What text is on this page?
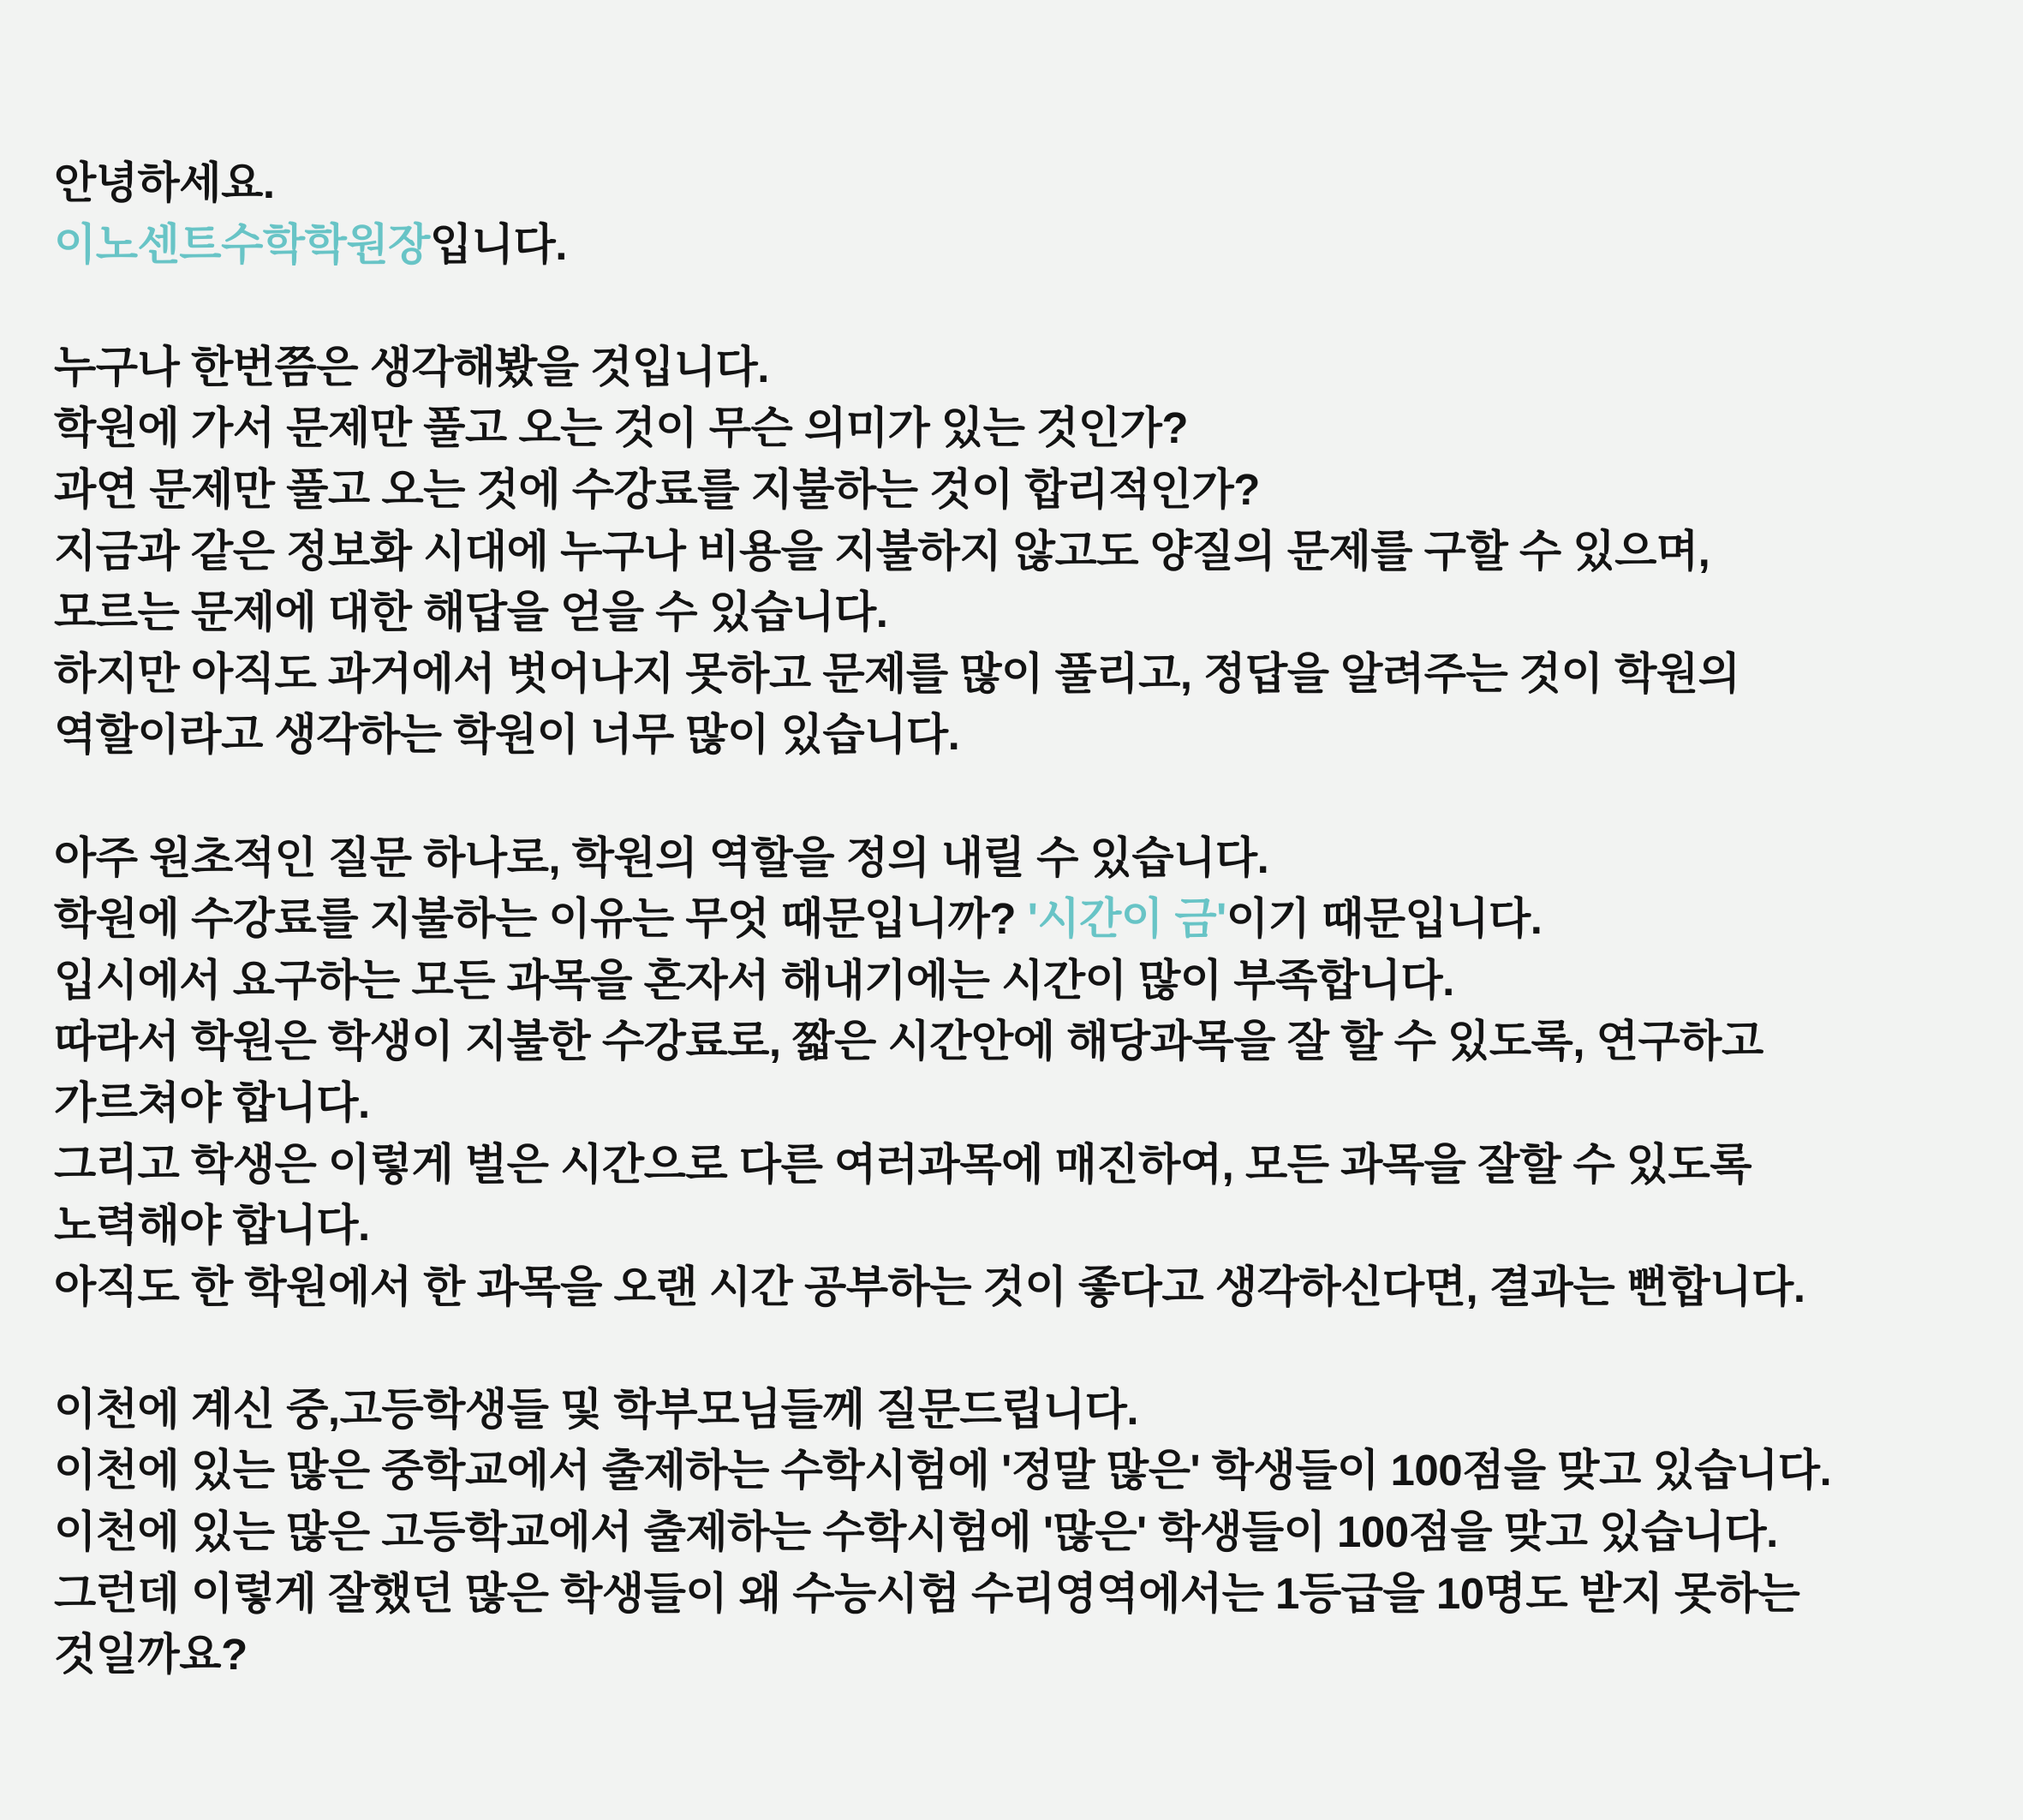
안녕하세요.
이노센트수학학원장입니다.
누구나 한번쯤은 생각해봤을 것입니다.
학원에 가서 문제만 풀고 오는 것이 무슨 의미가 있는 것인가?
과연 문제만 풀고 오는 것에 수강료를 지불하는 것이 합리적인가?
지금과 같은 정보화 시대에 누구나 비용을 지불하지 않고도 양질의 문제를 구할 수 있으며,
모르는 문제에 대한 해답을 얻을 수 있습니다.
하지만 아직도 과거에서 벗어나지 못하고 문제를 많이 풀리고, 정답을 알려주는 것이 학원의
역할이라고 생각하는 학원이 너무 많이 있습니다.
아주 원초적인 질문 하나로, 학원의 역할을 정의 내릴 수 있습니다.
학원에 수강료를 지불하는 이유는 무엇 때문입니까? '시간이 금'이기 때문입니다.
입시에서 요구하는 모든 과목을 혼자서 해내기에는 시간이 많이 부족합니다.
따라서 학원은 학생이 지불한 수강료로, 짧은 시간안에 해당과목을 잘 할 수 있도록, 연구하고
가르쳐야 합니다.
그리고 학생은 이렇게 벌은 시간으로 다른 여러과목에 매진하여, 모든 과목을 잘할 수 있도록
노력해야 합니다.
아직도 한 학원에서 한 과목을 오랜 시간 공부하는 것이 좋다고 생각하신다면, 결과는 뻔합니다.
이천에 계신 중,고등학생들 및 학부모님들께 질문드립니다.
이천에 있는 많은 중학교에서 출제하는 수학시험에 '정말 많은' 학생들이 100점을 맞고 있습니다.
이천에 있는 많은 고등학교에서 출제하는 수학시험에 '많은' 학생들이 100점을 맞고 있습니다.
그런데 이렇게 잘했던 많은 학생들이 왜 수능시험 수리영역에서는 1등급을 10명도 받지 못하는
것일까요?
